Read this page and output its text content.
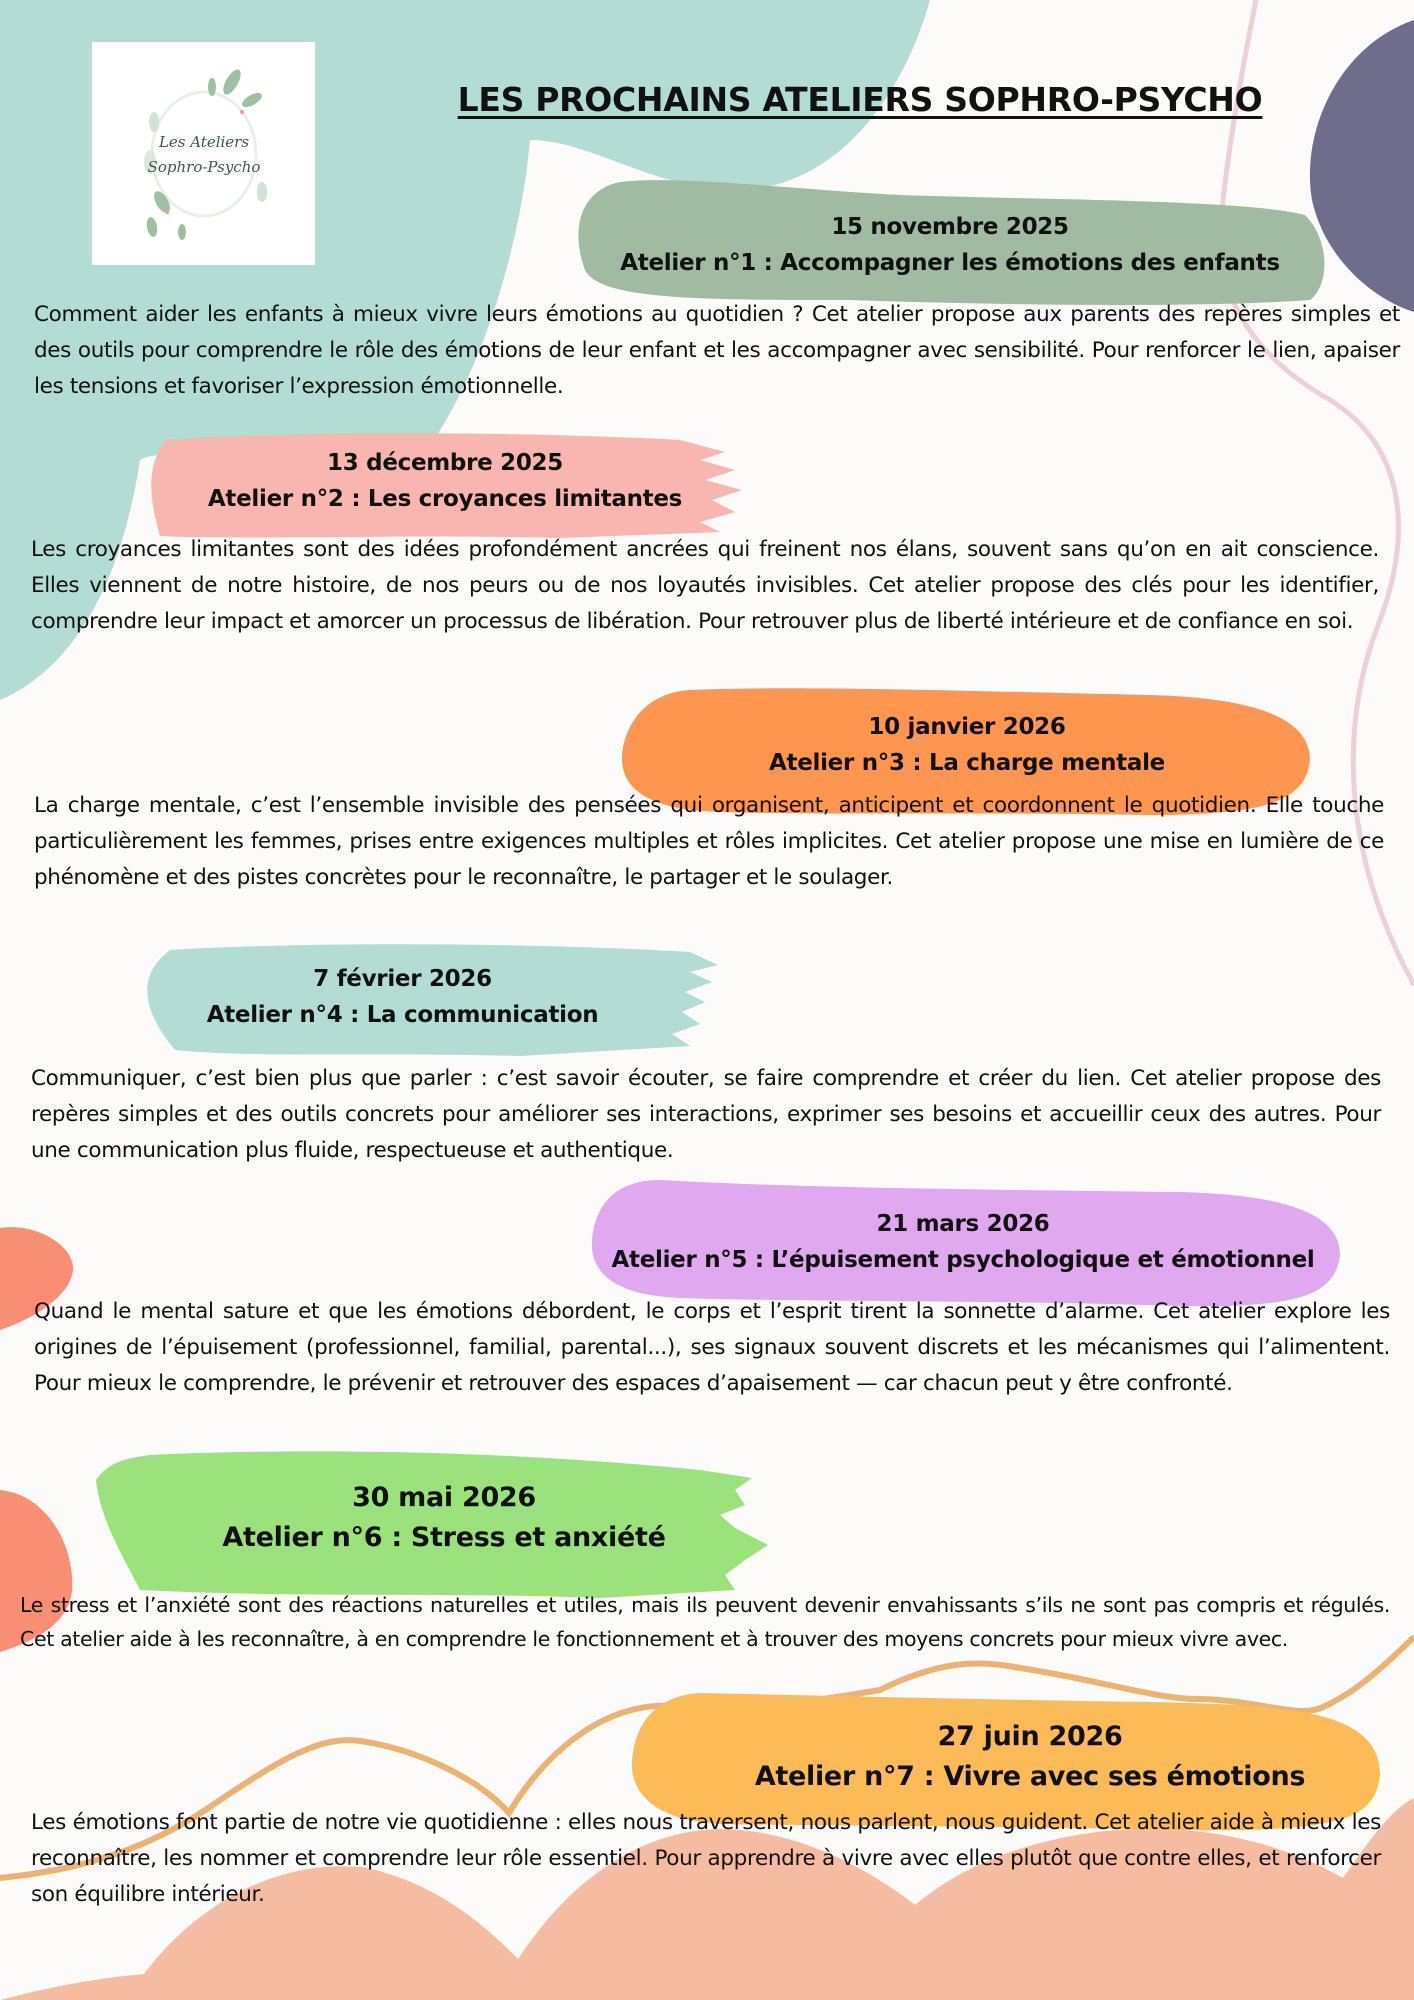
Les Ateliers
Sophro-Psycho
LES PROCHAINS ATELIERS SOPHRO-PSYCHO
15 novembre 2025
Atelier n°1 : Accompagner les émotions des enfants
Comment aider les enfants à mieux vivre leurs émotions au quotidien ? Cet atelier propose aux parents des repères simples et des outils pour comprendre le rôle des émotions de leur enfant et les accompagner avec sensibilité. Pour renforcer le lien, apaiser les tensions et favoriser l’expression émotionnelle.
13 décembre 2025
Atelier n°2 : Les croyances limitantes
Les croyances limitantes sont des idées profondément ancrées qui freinent nos élans, souvent sans qu’on en ait conscience. Elles viennent de notre histoire, de nos peurs ou de nos loyautés invisibles. Cet atelier propose des clés pour les identifier, comprendre leur impact et amorcer un processus de libération. Pour retrouver plus de liberté intérieure et de confiance en soi.
10 janvier 2026
Atelier n°3 : La charge mentale
La charge mentale, c’est l’ensemble invisible des pensées qui organisent, anticipent et coordonnent le quotidien. Elle touche particulièrement les femmes, prises entre exigences multiples et rôles implicites. Cet atelier propose une mise en lumière de ce phénomène et des pistes concrètes pour le reconnaître, le partager et le soulager.
7 février 2026
Atelier n°4 : La communication
Communiquer, c’est bien plus que parler : c’est savoir écouter, se faire comprendre et créer du lien. Cet atelier propose des repères simples et des outils concrets pour améliorer ses interactions, exprimer ses besoins et accueillir ceux des autres. Pour une communication plus fluide, respectueuse et authentique.
21 mars 2026
Atelier n°5 : L’épuisement psychologique et émotionnel
Quand le mental sature et que les émotions débordent, le corps et l’esprit tirent la sonnette d’alarme. Cet atelier explore les origines de l’épuisement (professionnel, familial, parental...), ses signaux souvent discrets et les mécanismes qui l’alimentent. Pour mieux le comprendre, le prévenir et retrouver des espaces d’apaisement — car chacun peut y être confronté.
30 mai 2026
Atelier n°6 : Stress et anxiété
Le stress et l’anxiété sont des réactions naturelles et utiles, mais ils peuvent devenir envahissants s’ils ne sont pas compris et régulés. Cet atelier aide à les reconnaître, à en comprendre le fonctionnement et à trouver des moyens concrets pour mieux vivre avec.
27 juin 2026
Atelier n°7 : Vivre avec ses émotions
Les émotions font partie de notre vie quotidienne : elles nous traversent, nous parlent, nous guident. Cet atelier aide à mieux les reconnaître, les nommer et comprendre leur rôle essentiel. Pour apprendre à vivre avec elles plutôt que contre elles, et renforcer son équilibre intérieur.
